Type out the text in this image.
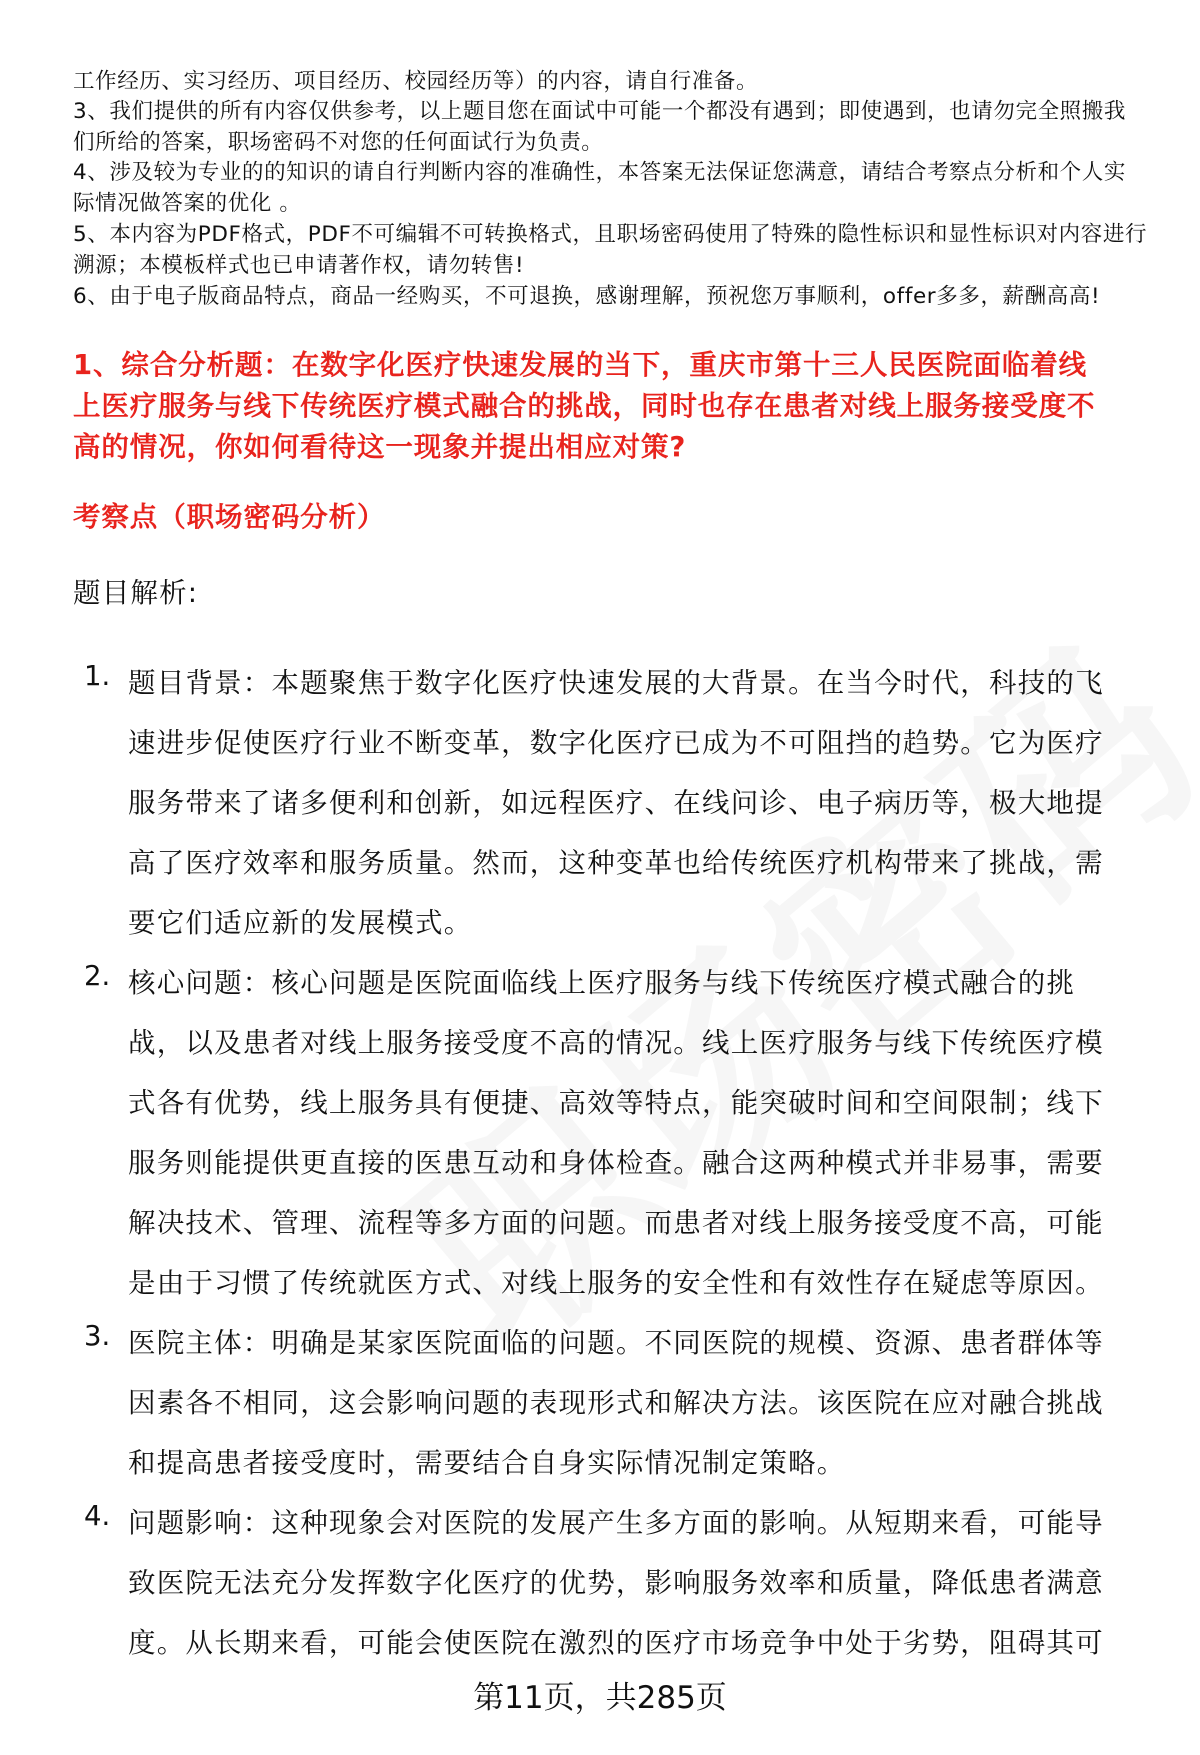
工作经历、实习经历、项目经历、校园经历等）的内容，请自行准备。
3、我们提供的所有内容仅供参考，以上题目您在面试中可能一个都没有遇到；即使遇到，也请勿完全照搬我
们所给的答案，职场密码不对您的任何面试行为负责。
4、涉及较为专业的的知识的请自行判断内容的准确性，本答案无法保证您满意，请结合考察点分析和个人实
际情况做答案的优化 。
5、本内容为PDF格式，PDF不可编辑不可转换格式，且职场密码使用了特殊的隐性标识和显性标识对内容进行
溯源；本模板样式也已申请著作权，请勿转售!
6、由于电子版商品特点，商品一经购买，不可退换，感谢理解，预祝您万事顺利，offer多多，薪酬高高!
1、综合分析题：在数字化医疗快速发展的当下，重庆市第十三人民医院面临着线
上医疗服务与线下传统医疗模式融合的挑战，同时也存在患者对线上服务接受度不
高的情况，你如何看待这一现象并提出相应对策?
考察点（职场密码分析）
题目解析:
1. 题目背景：本题聚焦于数字化医疗快速发展的大背景。在当今时代，科技的飞
速进步促使医疗行业不断变革，数字化医疗已成为不可阻挡的趋势。它为医疗
服务带来了诸多便利和创新，如远程医疗、在线问诊、电子病历等，极大地提
高了医疗效率和服务质量。然而，这种变革也给传统医疗机构带来了挑战，需
要它们适应新的发展模式。
2. 核心问题：核心问题是医院面临线上医疗服务与线下传统医疗模式融合的挑
战，以及患者对线上服务接受度不高的情况。线上医疗服务与线下传统医疗模
式各有优势，线上服务具有便捷、高效等特点，能突破时间和空间限制；线下
服务则能提供更直接的医患互动和身体检查。融合这两种模式并非易事，需要
解决技术、管理、流程等多方面的问题。而患者对线上服务接受度不高，可能
是由于习惯了传统就医方式、对线上服务的安全性和有效性存在疑虑等原因。
3. 医院主体：明确是某家医院面临的问题。不同医院的规模、资源、患者群体等
因素各不相同，这会影响问题的表现形式和解决方法。该医院在应对融合挑战
和提高患者接受度时，需要结合自身实际情况制定策略。
4. 问题影响：这种现象会对医院的发展产生多方面的影响。从短期来看，可能导
致医院无法充分发挥数字化医疗的优势，影响服务效率和质量，降低患者满意
度。从长期来看，可能会使医院在激烈的医疗市场竞争中处于劣势，阻碍其可
第11页，共285页
